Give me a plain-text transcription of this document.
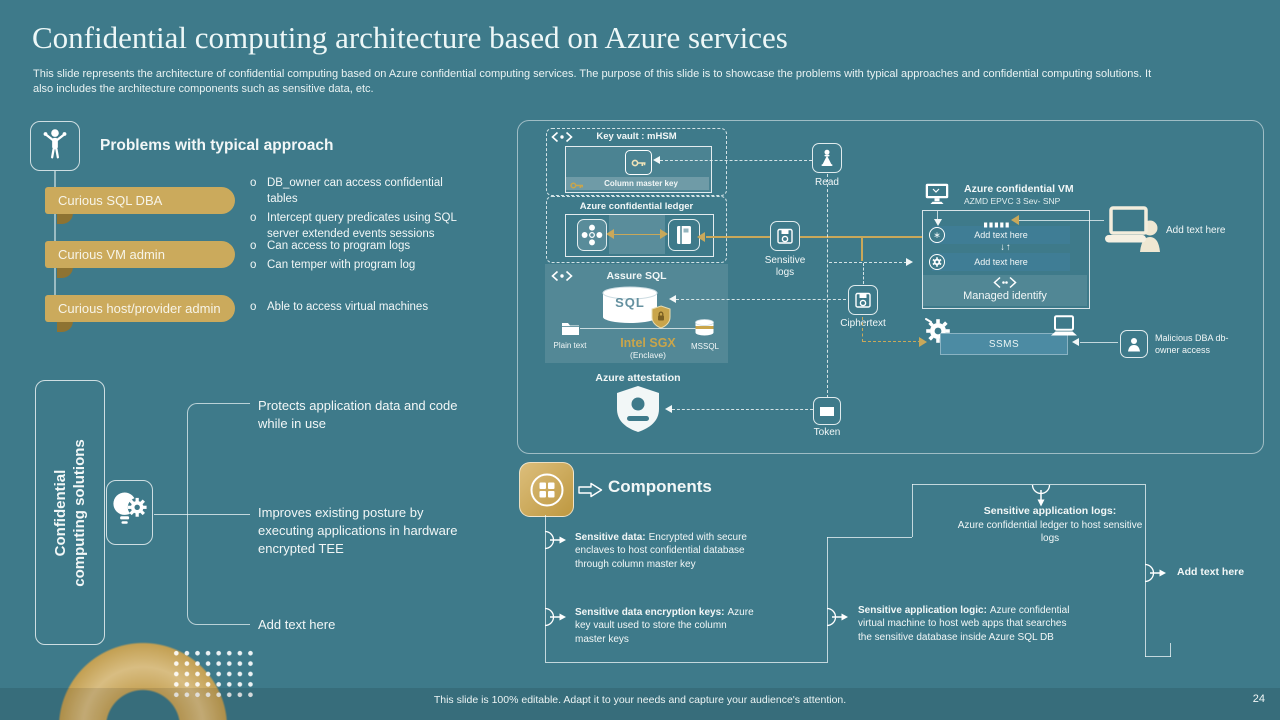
Confidential computing architecture based on Azure services
This slide represents the architecture of confidential computing based on Azure confidential computing services. The purpose of this slide is to showcase the problems with typical approaches and confidential computing solutions. It also includes the architecture components such as sensitive data, etc.
Problems with typical approach
Curious SQL DBA
Curious VM admin
Curious host/provider admin
o DB_owner can access confidential tables
o Intercept query predicates using SQL server extended events sessions
o Can access to program logs
o Can temper with program log
o Able to access virtual machines
Confidential computing solutions
Protects application data and code while in use
Improves existing posture by executing applications in hardware encrypted TEE
Add text here
Key vault : mHSM
Column master key
Azure confidential ledger
Read
Sensitive logs
Ciphertext
Assure SQL
SQL
Plain text	Intel SGX
(Enclave)
MSSQL
Azure attestation
Token
Azure confidential VM
AZMD EPVC 3 Sev- SNP
Add text here
Add text here
∗
↓↑
Managed identify
Add text here
SSMS
Malicious DBA db- owner access
Components
Sensitive data: Encrypted with secure enclaves to host confidential database through column master key
Sensitive data encryption keys: Azure key vault used to store the column master keys
Sensitive application logic: Azure confidential virtual machine to host web apps that searches the sensitive database inside Azure SQL DB
Sensitive application logs:
Azure confidential ledger to host sensitive logs
Add text here
This slide is 100% editable. Adapt it to your needs and capture your audience's attention.	24
